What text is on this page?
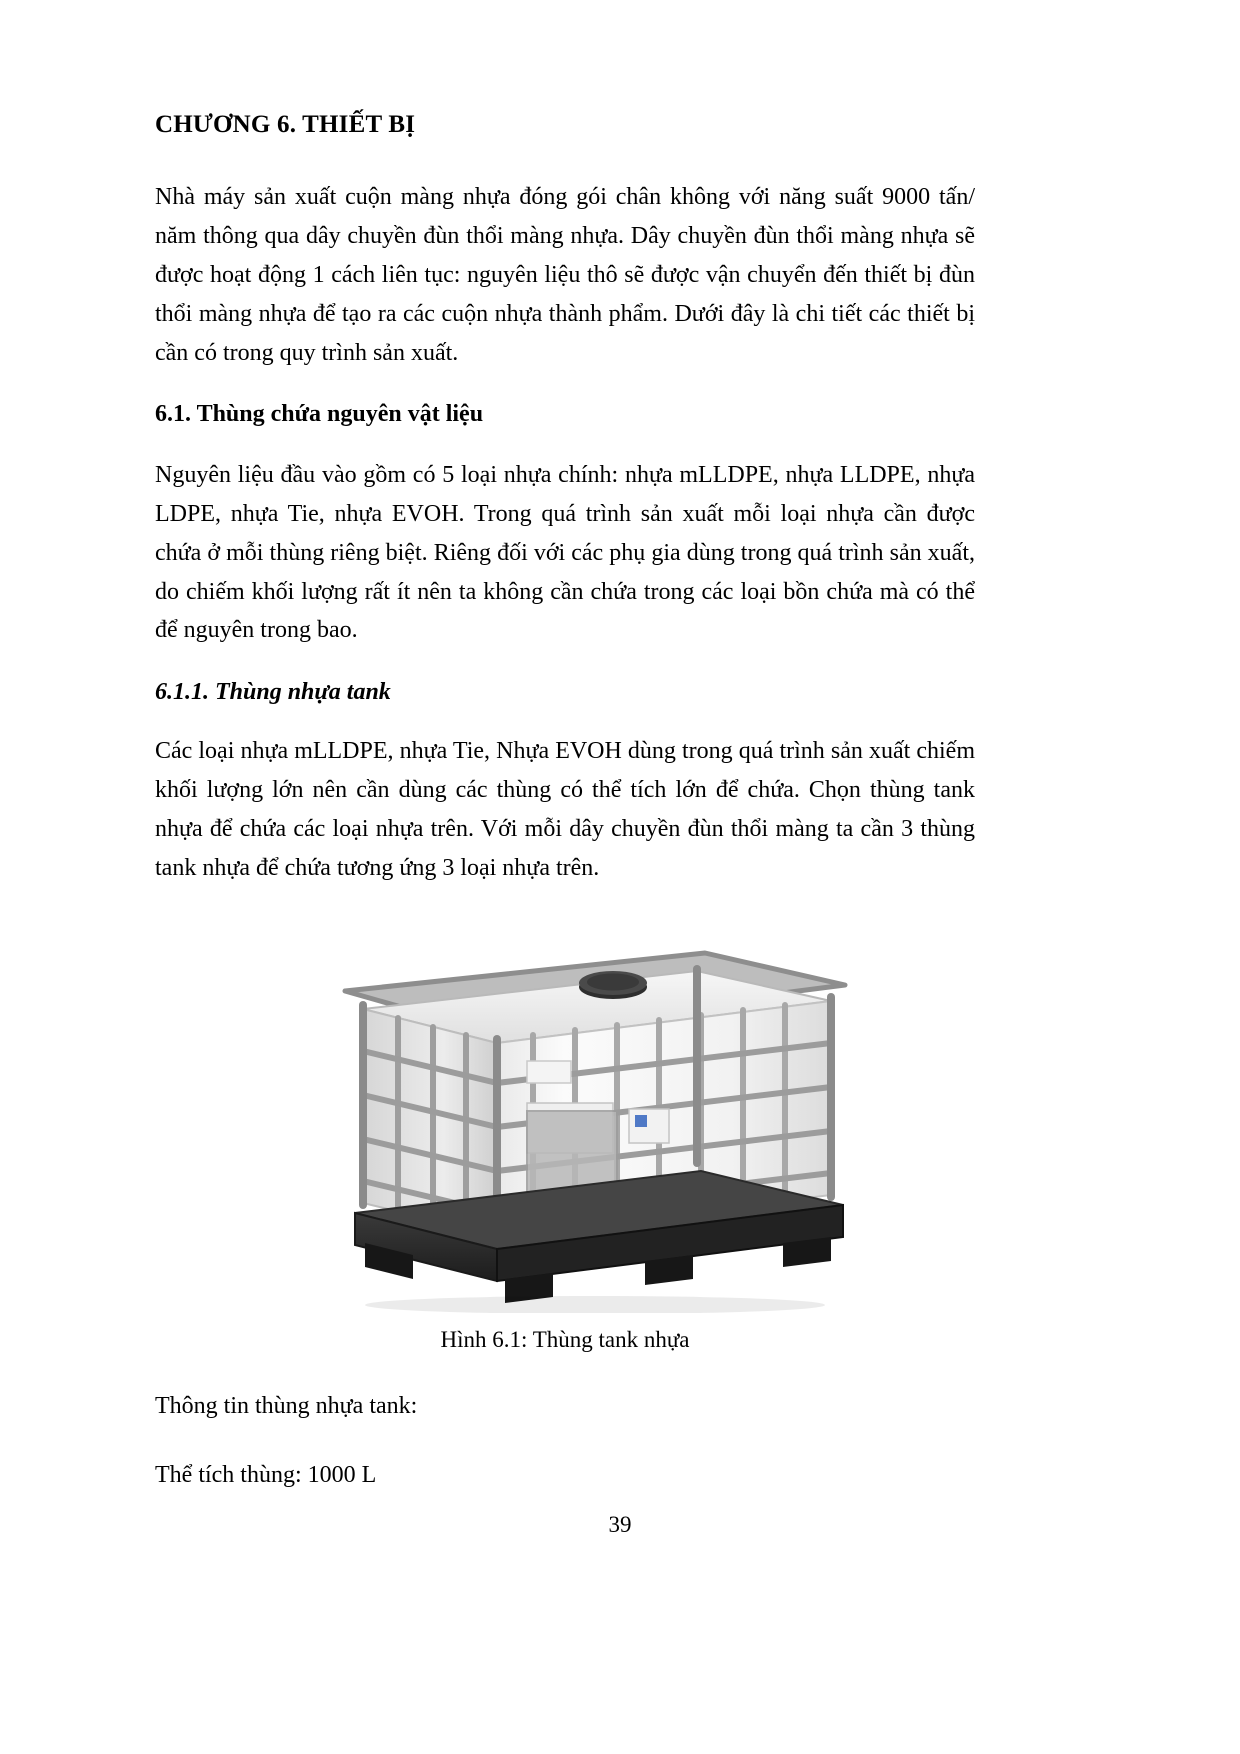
CHƯƠNG 6. THIẾT BỊ

Nhà máy sản xuất cuộn màng nhựa đóng gói chân không với năng suất 9000 tấn/ năm thông qua dây chuyền đùn thổi màng nhựa. Dây chuyền đùn thổi màng nhựa sẽ được hoạt động 1 cách liên tục: nguyên liệu thô sẽ được vận chuyển đến thiết bị đùn thổi màng nhựa để tạo ra các cuộn nhựa thành phẩm. Dưới đây là chi tiết các thiết bị cần có trong quy trình sản xuất.

6.1. Thùng chứa nguyên vật liệu

Nguyên liệu đầu vào gồm có 5 loại nhựa chính: nhựa mLLDPE, nhựa LLDPE, nhựa LDPE, nhựa Tie, nhựa EVOH. Trong quá trình sản xuất mỗi loại nhựa cần được chứa ở mỗi thùng riêng biệt. Riêng đối với các phụ gia dùng trong quá trình sản xuất, do chiếm khối lượng rất ít nên ta không cần chứa trong các loại bồn chứa mà có thể để nguyên trong bao.

6.1.1. Thùng nhựa tank

Các loại nhựa mLLDPE, nhựa Tie, Nhựa EVOH dùng trong quá trình sản xuất chiếm khối lượng lớn nên cần dùng các thùng có thể tích lớn để chứa. Chọn thùng tank nhựa để chứa các loại nhựa trên. Với mỗi dây chuyền đùn thổi màng ta cần 3 thùng tank nhựa để chứa tương ứng 3 loại nhựa trên.

Hình 6.1: Thùng tank nhựa

Thông tin thùng nhựa tank:

Thể tích thùng: 1000 L

39
